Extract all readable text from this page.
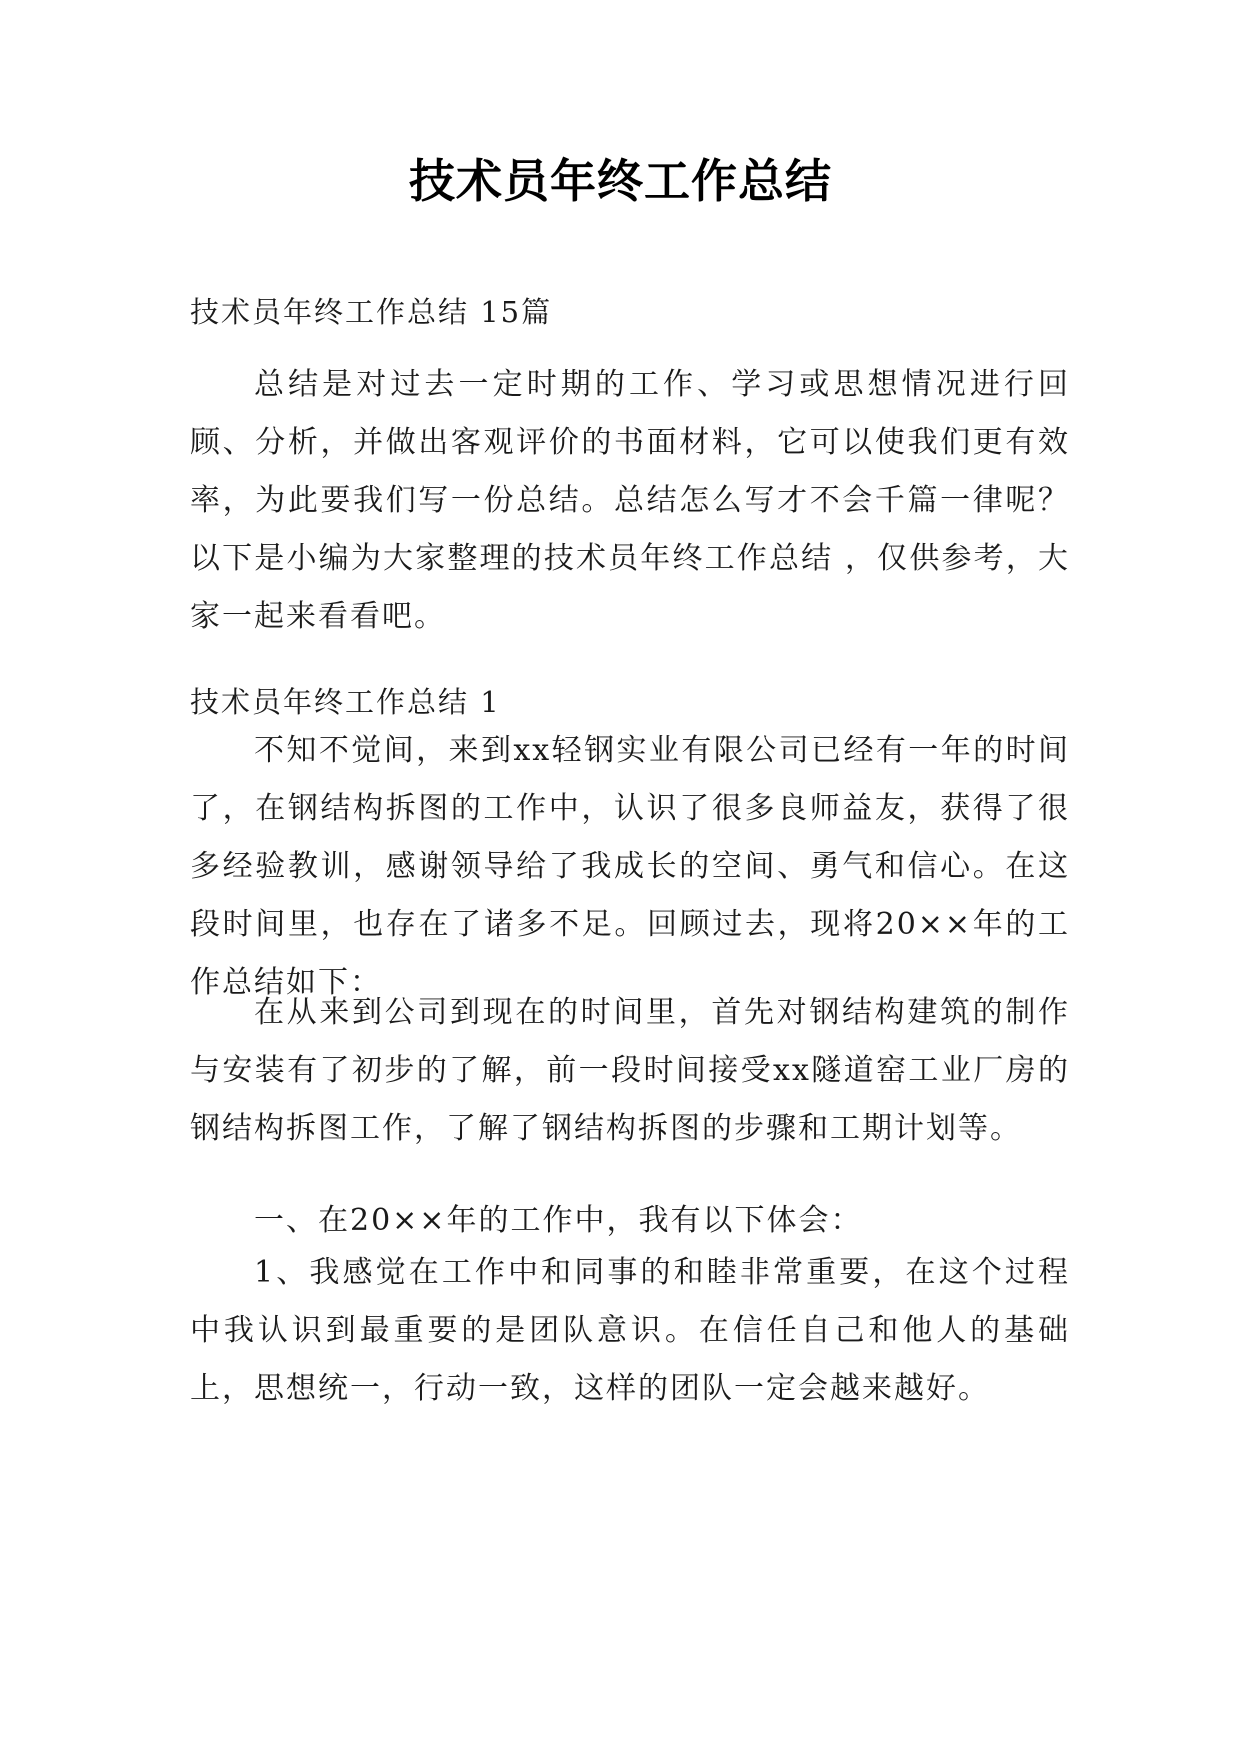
技术员年终工作总结

技术员年终工作总结 15篇

总结是对过去一定时期的工作、学习或思想情况进行回顾、分析，并做出客观评价的书面材料，它可以使我们更有效率，为此要我们写一份总结。总结怎么写才不会千篇一律呢？以下是小编为大家整理的技术员年终工作总结 ，仅供参考，大家一起来看看吧。

技术员年终工作总结 1

不知不觉间，来到xx轻钢实业有限公司已经有一年的时间了，在钢结构拆图的工作中，认识了很多良师益友，获得了很多经验教训，感谢领导给了我成长的空间、勇气和信心。在这段时间里，也存在了诸多不足。回顾过去，现将20××年的工作总结如下：

在从来到公司到现在的时间里，首先对钢结构建筑的制作与安装有了初步的了解，前一段时间接受xx隧道窑工业厂房的钢结构拆图工作，了解了钢结构拆图的步骤和工期计划等。

一、在20××年的工作中，我有以下体会：

1、我感觉在工作中和同事的和睦非常重要，在这个过程中我认识到最重要的是团队意识。在信任自己和他人的基础上，思想统一，行动一致，这样的团队一定会越来越好。
